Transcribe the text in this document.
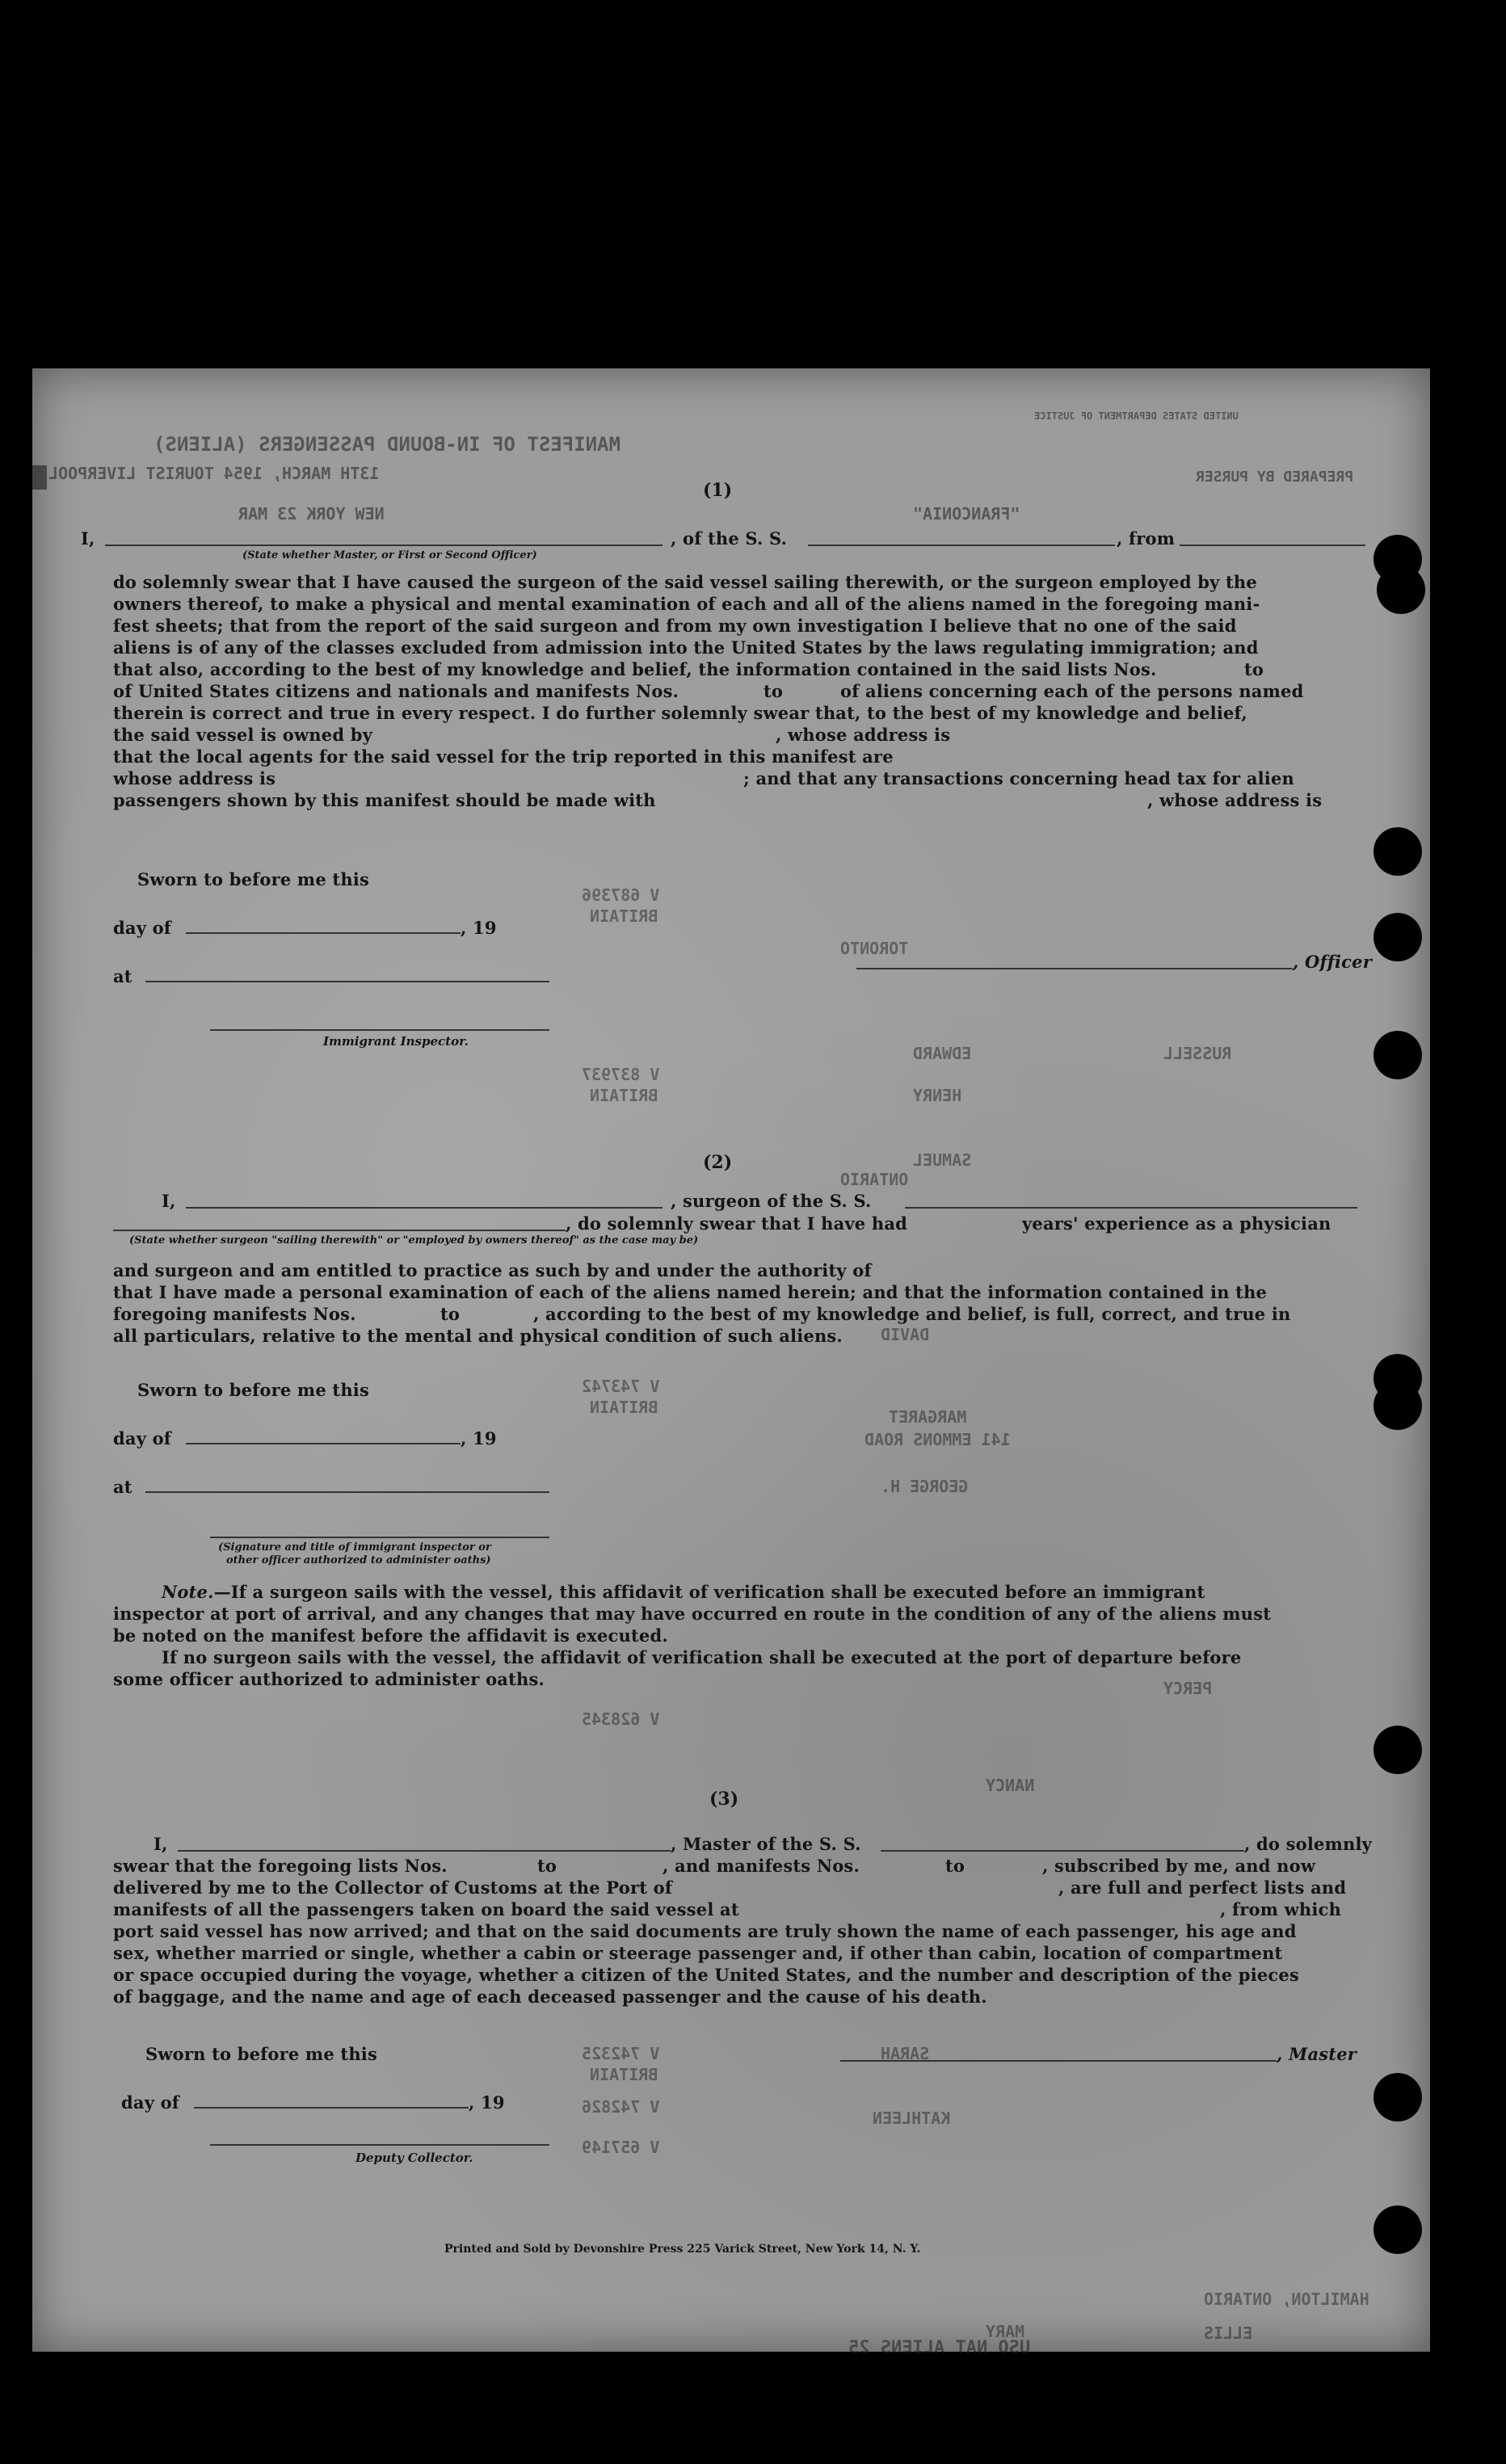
MANIFEST OF IN-BOUND PASSENGERS (ALIENS)
13TH MARCH, 1954 TOURIST LIVERPOOL
NEW YORK 23 MAR	"FRANCONIA"
PREPARED BY PURSER
UNITED STATES DEPARTMENT OF JUSTICE
(1)
I,	, of the S. S.	, from
(State whether Master, or First or Second Officer)
do solemnly swear that I have caused the surgeon of the said vessel sailing therewith, or the surgeon employed by the
owners thereof, to make a physical and mental examination of each and all of the aliens named in the foregoing mani-
fest sheets; that from the report of the said surgeon and from my own investigation I believe that no one of the said
aliens is of any of the classes excluded from admission into the United States by the laws regulating immigration; and
that also, according to the best of my knowledge and belief, the information contained in the said lists Nos.	to
of United States citizens and nationals and manifests Nos.	to	of aliens concerning each of the persons named
therein is correct and true in every respect. I do further solemnly swear that, to the best of my knowledge and belief,
the said vessel is owned by	, whose address is
that the local agents for the said vessel for the trip reported in this manifest are
whose address is	; and that any transactions concerning head tax for alien
passengers shown by this manifest should be made with	, whose address is
Sworn to before me this
day of	, 19
at
, Officer
Immigrant Inspector.
(2)
I,	, surgeon of the S. S.
, do solemnly swear that I have had	years' experience as a physician
(State whether surgeon "sailing therewith" or "employed by owners thereof" as the case may be)
and surgeon and am entitled to practice as such by and under the authority of
that I have made a personal examination of each of the aliens named herein; and that the information contained in the
foregoing manifests Nos.	to	, according to the best of my knowledge and belief, is full, correct, and true in
all particulars, relative to the mental and physical condition of such aliens.
Sworn to before me this
day of	, 19
at
(Signature and title of immigrant inspector or
other officer authorized to administer oaths)
Note.—If a surgeon sails with the vessel, this affidavit of verification shall be executed before an immigrant
inspector at port of arrival, and any changes that may have occurred en route in the condition of any of the aliens must
be noted on the manifest before the affidavit is executed.
If no surgeon sails with the vessel, the affidavit of verification shall be executed at the port of departure before
some officer authorized to administer oaths.
(3)
I,	, Master of the S. S.	, do solemnly
swear that the foregoing lists Nos.	to	, and manifests Nos.	to	, subscribed by me, and now
delivered by me to the Collector of Customs at the Port of	, are full and perfect lists and
manifests of all the passengers taken on board the said vessel at	, from which
port said vessel has now arrived; and that on the said documents are truly shown the name of each passenger, his age and
sex, whether married or single, whether a cabin or steerage passenger and, if other than cabin, location of compartment
or space occupied during the voyage, whether a citizen of the United States, and the number and description of the pieces
of baggage, and the name and age of each deceased passenger and the cause of his death.
Sworn to before me this	, Master
day of	, 19
Deputy Collector.
Printed and Sold by Devonshire Press 225 Varick Street, New York 14, N. Y.
USO NAT ALIENS 25
V 687396
BRITAIN
V 837937
BRITAIN
V 743742
BRITAIN
V 742325
BRITAIN
V 628345
V 742826
V 657149
RUSSELL
EDWARD
HENRY
SAMUEL
TORONTO
ONTARIO
DAVID
MARGARET
141 EMMONS ROAD
GEORGE H.
PERCY
HAMILTON, ONTARIO
NANCY
KATHLEEN
SARAH
ELLIS
MARY
